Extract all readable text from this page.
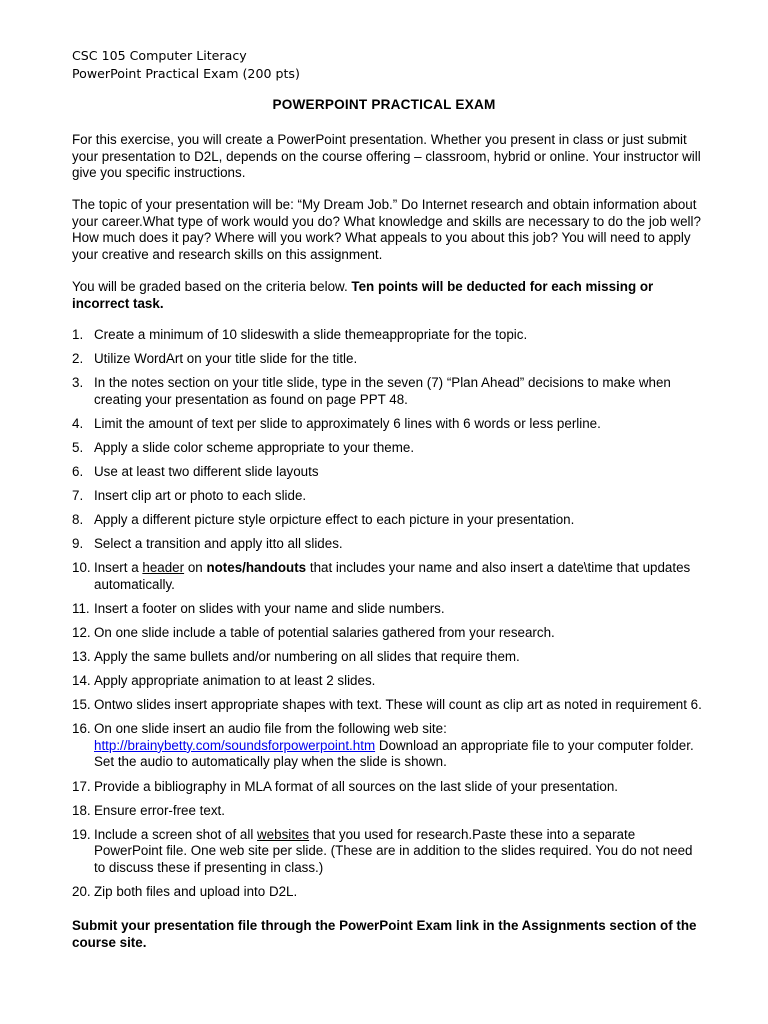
CSC 105 Computer Literacy
PowerPoint Practical Exam (200 pts)
POWERPOINT PRACTICAL EXAM

For this exercise, you will create a PowerPoint presentation. Whether you present in class or just submit your presentation to D2L, depends on the course offering – classroom, hybrid or online. Your instructor will give you specific instructions.

The topic of your presentation will be: “My Dream Job.” Do Internet research and obtain information about your career.What type of work would you do? What knowledge and skills are necessary to do the job well? How much does it pay? Where will you work? What appeals to you about this job? You will need to apply your creative and research skills on this assignment.

You will be graded based on the criteria below. Ten points will be deducted for each missing or incorrect task.

1. Create a minimum of 10 slideswith a slide themeappropriate for the topic.
2. Utilize WordArt on your title slide for the title.
3. In the notes section on your title slide, type in the seven (7) “Plan Ahead” decisions to make when creating your presentation as found on page PPT 48.
4. Limit the amount of text per slide to approximately 6 lines with 6 words or less perline.
5. Apply a slide color scheme appropriate to your theme.
6. Use at least two different slide layouts
7. Insert clip art or photo to each slide.
8. Apply a different picture style orpicture effect to each picture in your presentation.
9. Select a transition and apply itto all slides.
10. Insert a header on notes/handouts that includes your name and also insert a date\time that updates automatically.
11. Insert a footer on slides with your name and slide numbers.
12. On one slide include a table of potential salaries gathered from your research.
13. Apply the same bullets and/or numbering on all slides that require them.
14. Apply appropriate animation to at least 2 slides.
15. Ontwo slides insert appropriate shapes with text. These will count as clip art as noted in requirement 6.
16. On one slide insert an audio file from the following web site:
http://brainybetty.com/soundsforpowerpoint.htm Download an appropriate file to your computer folder. Set the audio to automatically play when the slide is shown.
17. Provide a bibliography in MLA format of all sources on the last slide of your presentation.
18. Ensure error-free text.
19. Include a screen shot of all websites that you used for research.Paste these into a separate PowerPoint file. One web site per slide. (These are in addition to the slides required. You do not need to discuss these if presenting in class.)
20. Zip both files and upload into D2L.

Submit your presentation file through the PowerPoint Exam link in the Assignments section of the course site.
